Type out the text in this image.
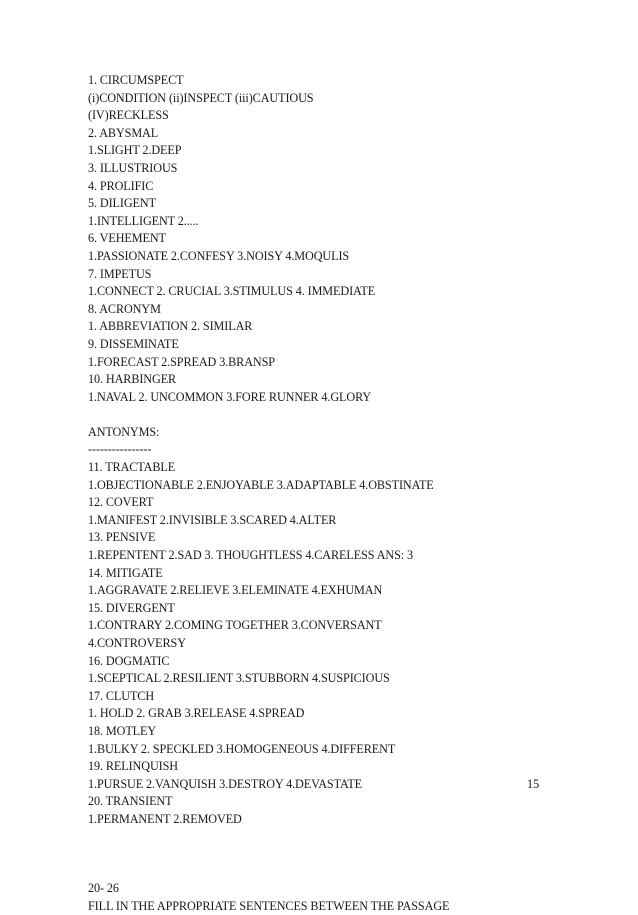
1. CIRCUMSPECT
(i)CONDITION (ii)INSPECT (iii)CAUTIOUS
(IV)RECKLESS
2. ABYSMAL
1.SLIGHT 2.DEEP
3. ILLUSTRIOUS
4. PROLIFIC
5. DILIGENT
1.INTELLIGENT 2.....
6. VEHEMENT
1.PASSIONATE 2.CONFESY 3.NOISY 4.MOQULIS
7. IMPETUS
1.CONNECT 2. CRUCIAL 3.STIMULUS 4. IMMEDIATE
8. ACRONYM
1. ABBREVIATION 2. SIMILAR
9. DISSEMINATE
1.FORECAST 2.SPREAD 3.BRANSP
10. HARBINGER
1.NAVAL 2. UNCOMMON 3.FORE RUNNER 4.GLORY
ANTONYMS:
----------------
11. TRACTABLE
1.OBJECTIONABLE 2.ENJOYABLE 3.ADAPTABLE 4.OBSTINATE
12. COVERT
1.MANIFEST 2.INVISIBLE 3.SCARED 4.ALTER
13. PENSIVE
1.REPENTENT 2.SAD 3. THOUGHTLESS 4.CARELESS ANS: 3
14. MITIGATE
1.AGGRAVATE 2.RELIEVE 3.ELEMINATE 4.EXHUMAN
15. DIVERGENT
1.CONTRARY 2.COMING TOGETHER 3.CONVERSANT
4.CONTROVERSY
16. DOGMATIC
1.SCEPTICAL 2.RESILIENT 3.STUBBORN 4.SUSPICIOUS
17. CLUTCH
1. HOLD 2. GRAB 3.RELEASE 4.SPREAD
18. MOTLEY
1.BULKY 2. SPECKLED 3.HOMOGENEOUS 4.DIFFERENT
19. RELINQUISH
1.PURSUE 2.VANQUISH 3.DESTROY 4.DEVASTATE
20. TRANSIENT
1.PERMANENT 2.REMOVED
20- 26
FILL IN THE APPROPRIATE SENTENCES BETWEEN THE PASSAGE
15
